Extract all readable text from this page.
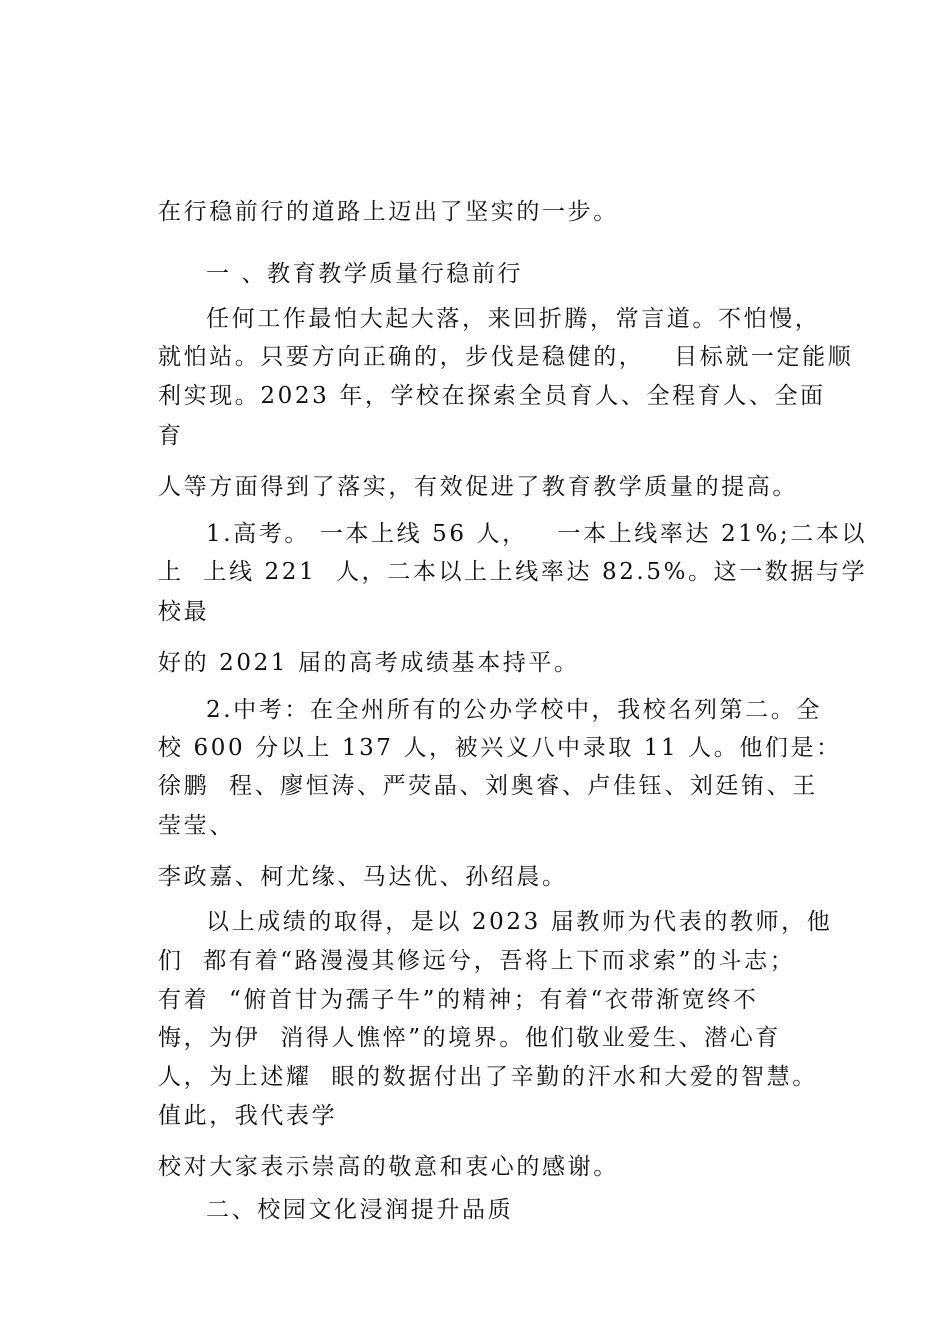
在行稳前行的道路上迈出了坚实的一步。
一 、教育教学质量行稳前行
任何工作最怕大起大落，来回折腾，常言道。不怕慢，
就怕站。只要方向正确的，步伐是稳健的，   目标就一定能顺
利实现。2023 年，学校在探索全员育人、全程育人、全面
育
人等方面得到了落实，有效促进了教育教学质量的提高。
1.高考。 一本上线 56 人，   一本上线率达 21%;二本以
上  上线 221  人，二本以上上线率达 82.5%。这一数据与学
校最
好的 2021 届的高考成绩基本持平。
2.中考：在全州所有的公办学校中，我校名列第二。全
校 600 分以上 137 人，被兴义八中录取 11 人。他们是：
徐鹏  程、廖恒涛、严荧晶、刘奥睿、卢佳钰、刘廷铕、王
莹莹、
李政嘉、柯尤缘、马达优、孙绍晨。
以上成绩的取得，是以 2023 届教师为代表的教师，他
们  都有着“路漫漫其修远兮，吾将上下而求索”的斗志；
有着  “俯首甘为孺子牛”的精神；有着“衣带渐宽终不
悔，为伊  消得人憔悴”的境界。他们敬业爱生、潜心育
人，为上述耀  眼的数据付出了辛勤的汗水和大爱的智慧。
值此，我代表学
校对大家表示崇高的敬意和衷心的感谢。
二、校园文化浸润提升品质
